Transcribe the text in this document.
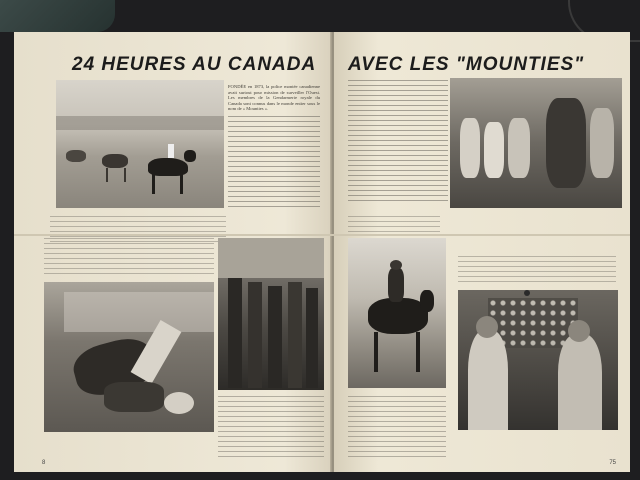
24 HEURES AU CANADA
FONDÉE en 1873, la police montée canadienne avait surtout pour mission de surveiller l'Ouest. Les membres de la Gendarmerie royale du Canada sont connus dans le monde entier sous le nom de « Mounties ».
8
AVEC LES "MOUNTIES"
75
